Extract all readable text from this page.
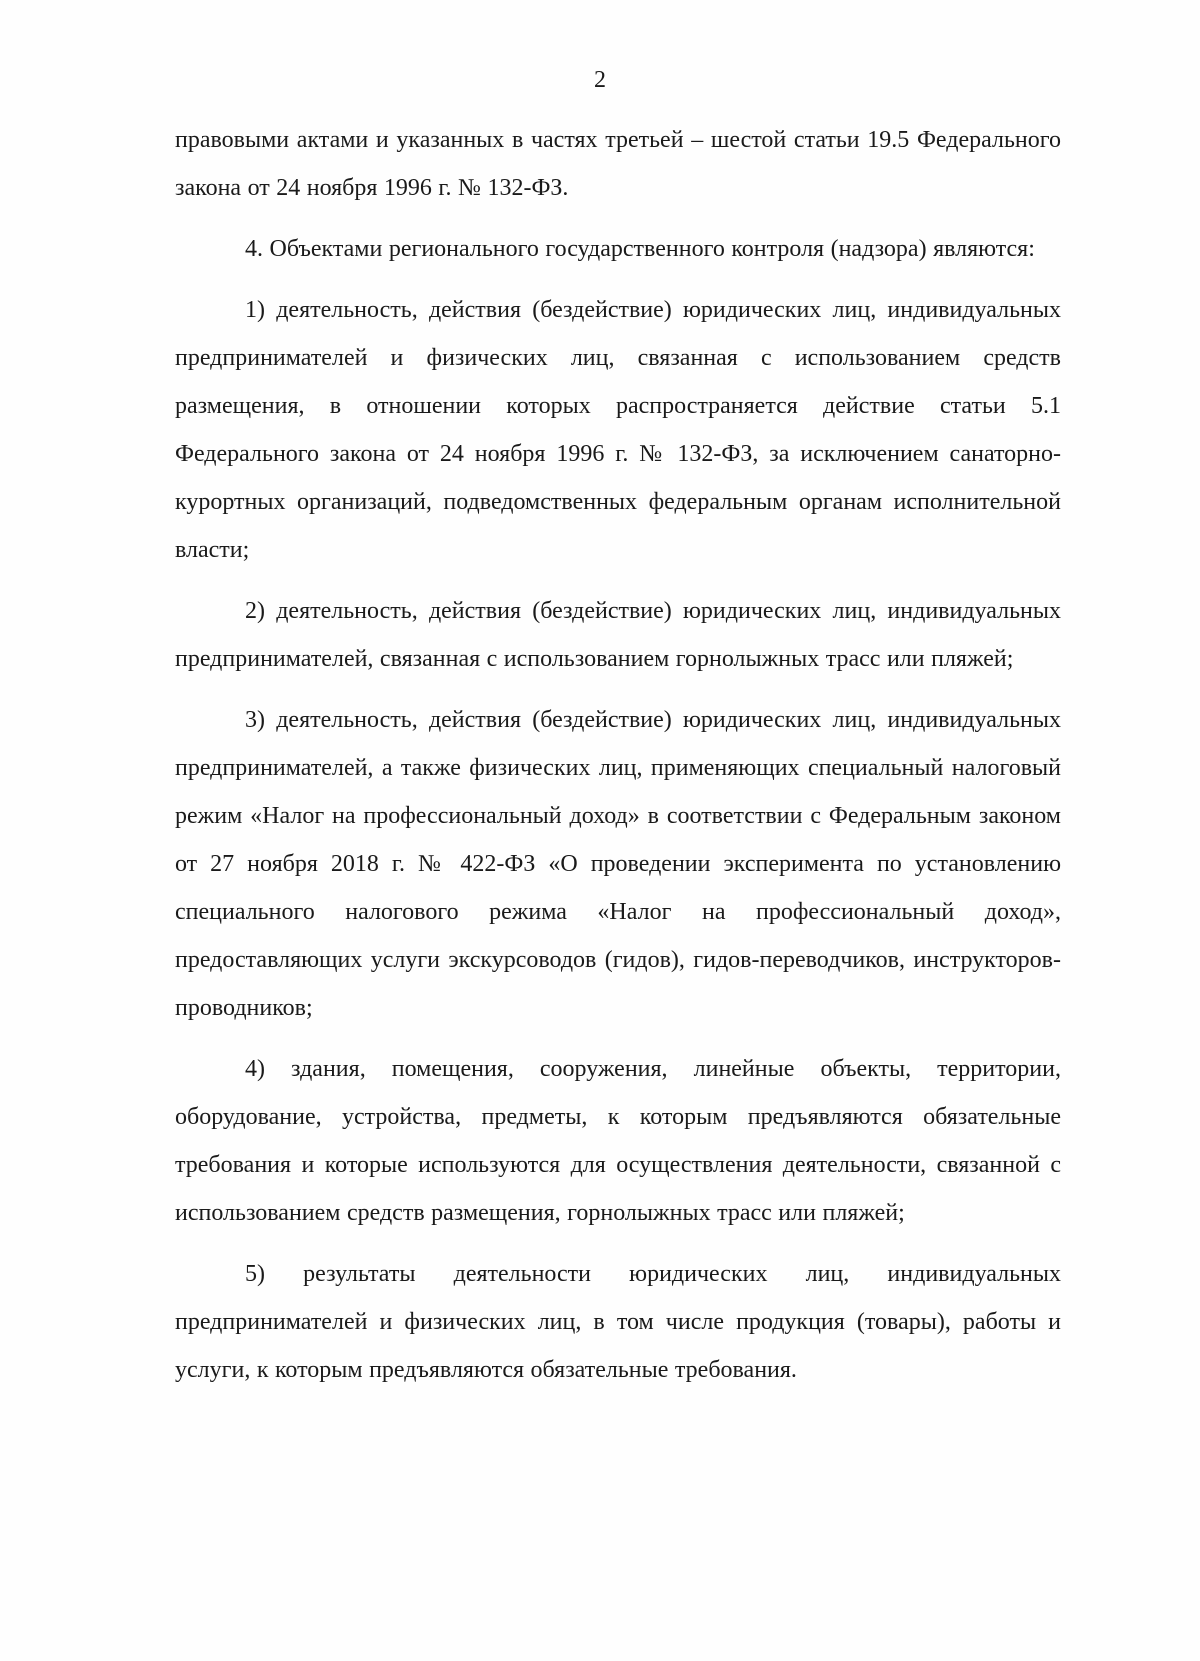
2

правовыми актами и указанных в частях третьей – шестой статьи 19.5 Федерального закона от 24 ноября 1996 г. № 132-ФЗ.

4. Объектами регионального государственного контроля (надзора) являются:

1) деятельность, действия (бездействие) юридических лиц, индивидуальных предпринимателей и физических лиц, связанная с использованием средств размещения, в отношении которых распространяется действие статьи 5.1 Федерального закона от 24 ноября 1996 г. № 132-ФЗ, за исключением санаторно-курортных организаций, подведомственных федеральным органам исполнительной власти;

2) деятельность, действия (бездействие) юридических лиц, индивидуальных предпринимателей, связанная с использованием горнолыжных трасс или пляжей;

3) деятельность, действия (бездействие) юридических лиц, индивидуальных предпринимателей, а также физических лиц, применяющих специальный налоговый режим «Налог на профессиональный доход» в соответствии с Федеральным законом от 27 ноября 2018 г. № 422-ФЗ «О проведении эксперимента по установлению специального налогового режима «Налог на профессиональный доход», предоставляющих услуги экскурсоводов (гидов), гидов-переводчиков, инструкторов-проводников;

4) здания, помещения, сооружения, линейные объекты, территории, оборудование, устройства, предметы, к которым предъявляются обязательные требования и которые используются для осуществления деятельности, связанной с использованием средств размещения, горнолыжных трасс или пляжей;

5) результаты деятельности юридических лиц, индивидуальных предпринимателей и физических лиц, в том числе продукция (товары), работы и услуги, к которым предъявляются обязательные требования.
